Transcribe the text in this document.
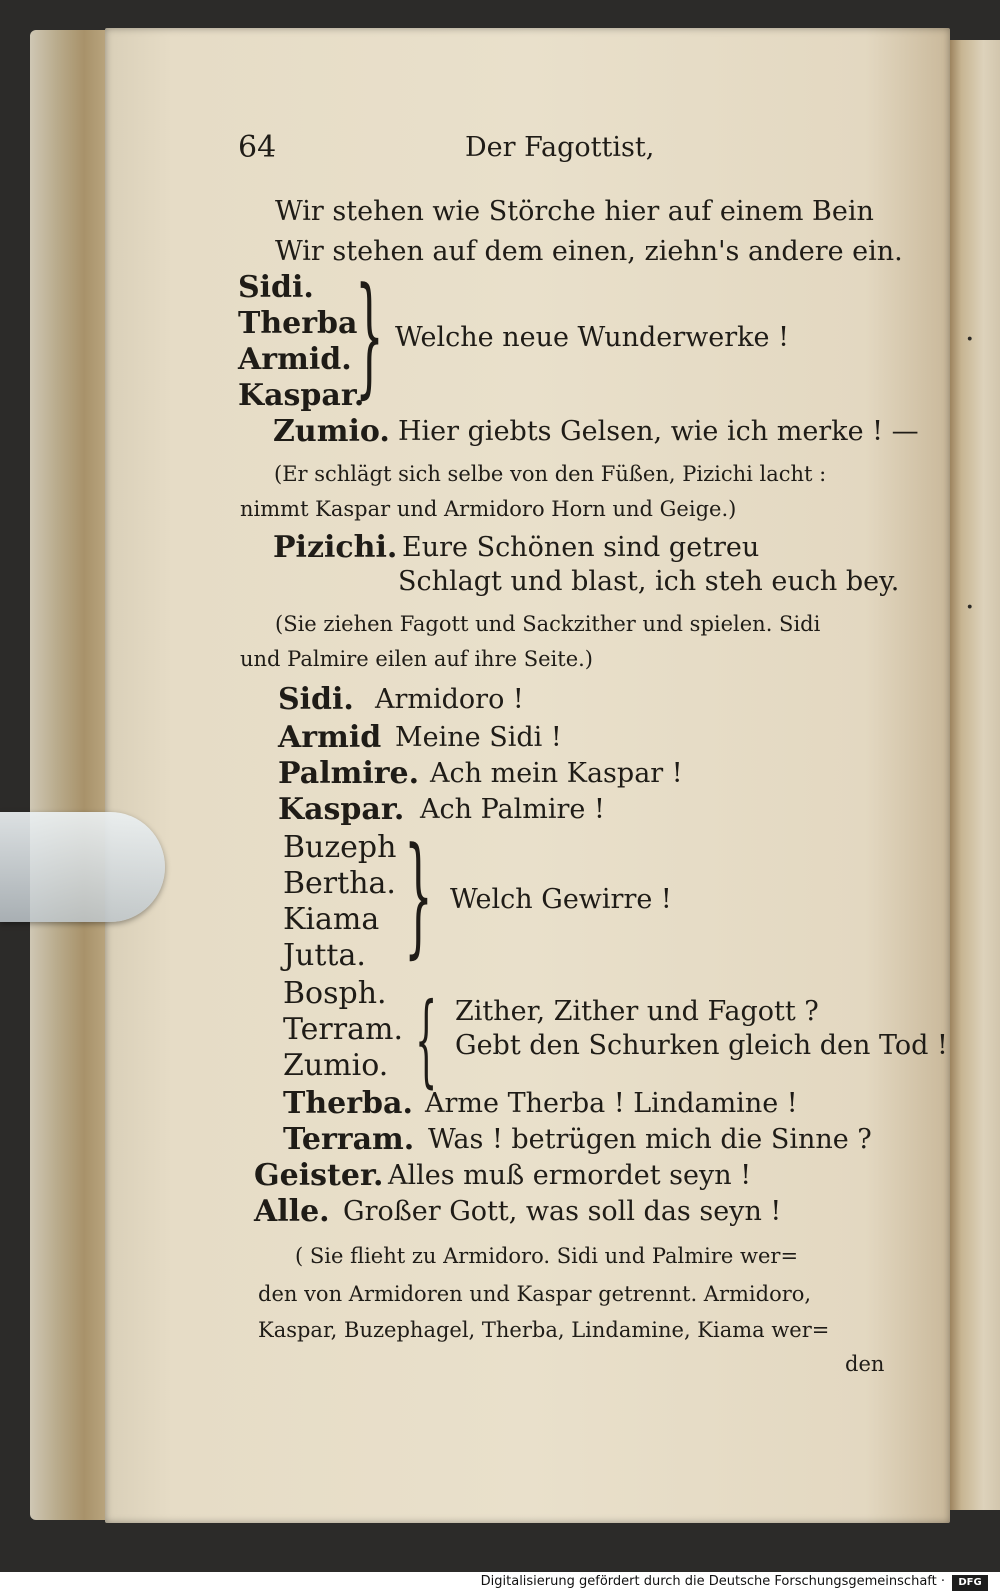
·
·
64	Der Fagottist,
Wir stehen wie Störche hier auf einem Bein
Wir stehen auf dem einen, ziehn's andere ein.
Sidi.
Therba
Armid.
Kaspar.
} Welche neue Wunderwerke !
Zumio. Hier giebts Gelsen, wie ich merke ! —
(Er schlägt sich selbe von den Füßen, Pizichi lacht :
nimmt Kaspar und Armidoro Horn und Geige.)
Pizichi. Eure Schönen sind getreu
Schlagt und blast, ich steh euch bey.
(Sie ziehen Fagott und Sackzither und spielen. Sidi
und Palmire eilen auf ihre Seite.)
Sidi. Armidoro !
Armid Meine Sidi !
Palmire. Ach mein Kaspar !
Kaspar. Ach Palmire !
Buzeph
Bertha.
Kiama
Jutta. } Welch Gewirre !
Bosph.
Terram.
Zumio. { Zither, Zither und Fagott ?
Gebt den Schurken gleich den Tod !
Therba. Arme Therba ! Lindamine !
Terram. Was ! betrügen mich die Sinne ?
Geister. Alles muß ermordet seyn !
Alle. Großer Gott, was soll das seyn !
( Sie flieht zu Armidoro. Sidi und Palmire wer=
den von Armidoren und Kaspar getrennt. Armidoro,
Kaspar, Buzephagel, Therba, Lindamine, Kiama wer=
den
Digitalisierung gefördert durch die Deutsche Forschungsgemeinschaft ·	DFG
